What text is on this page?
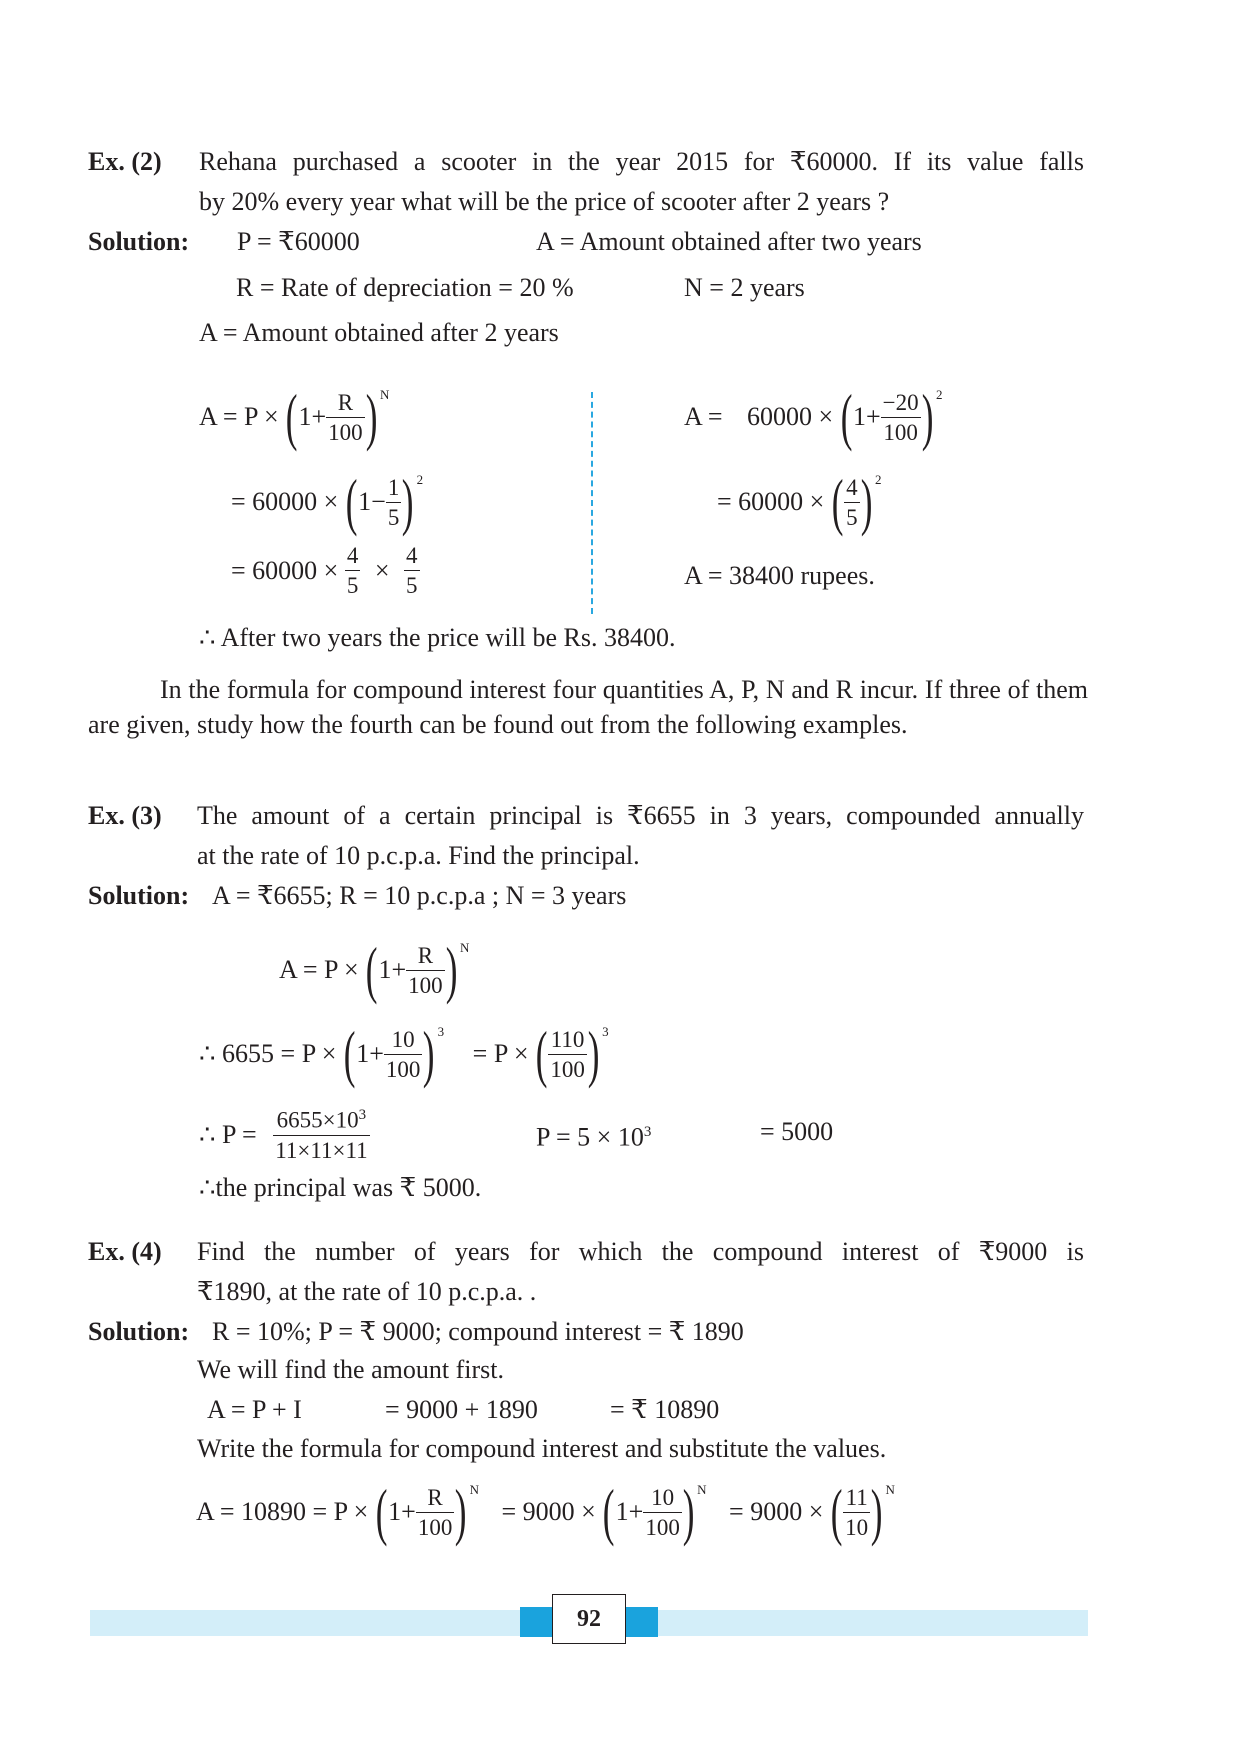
Ex. (2) Rehana purchased a scooter in the year 2015 for ₹60000. If its value falls
by 20% every year what will be the price of scooter after 2 years ?
Solution: P = ₹60000	A = Amount obtained after two years
R = Rate of depreciation = 20 %	N = 2 years
A = Amount obtained after 2 years
$A = P \times (1+ \frac{R}{100}$ ) N
= $60000 \times (1- \frac{1}{5}$ ) 2
= $60000 \times \frac{4}{5} \times \frac{4}{5}$
$A = 60000 \times (1+ \frac{-20}{100}$ ) 2
= 60000 × ( $\frac{4}{5}$ ) 2
A = 38400 rupees.
∴ After two years the price will be Rs. 38400.
In the formula for compound interest four quantities A, P, N and R incur. If three of them are given, study how the fourth can be found out from the following examples.
Ex. (3) The amount of a certain principal is ₹6655 in 3 years, compounded annually
at the rate of 10 p.c.p.a. Find the principal.
Solution: A = ₹6655; R = 10 p.c.p.a ; N = 3 years
$A = P \times (1+ \frac{R}{100}$ ) N
∴ $6655 = P \times (1+ \frac{10}{100}$ ) 3 = P × ( $\frac{110}{100}$ ) 3
∴ $P = \frac{6655\times 10^3}{11\times 11\times 11}$	$P = 5 \times 10^3$	= 5000
∴the principal was ₹ 5000.
Ex. (4) Find the number of years for which the compound interest of ₹9000 is
₹1890, at the rate of 10 p.c.p.a. .
Solution: R = 10%; P = ₹ 9000; compound interest = ₹ 1890
We will find the amount first.
A = P + I	= 9000 + 1890	= ₹ 10890
Write the formula for compound interest and substitute the values.
$A = 10890 = P \times (1+ \frac{R}{100}$ ) $N = 9000 \times (1+ \frac{10}{100}$ ) N = 9000 × ( $\frac{11}{10}$ ) N
92
